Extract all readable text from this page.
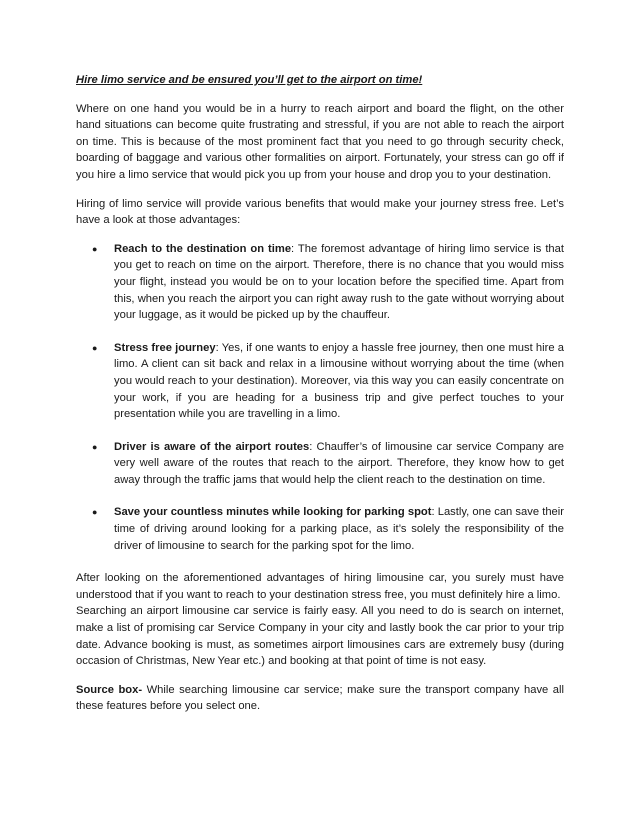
Hire limo service and be ensured you’ll get to the airport on time!

Where on one hand you would be in a hurry to reach airport and board the flight, on the other hand situations can become quite frustrating and stressful, if you are not able to reach the airport on time. This is because of the most prominent fact that you need to go through security check, boarding of baggage and various other formalities on airport. Fortunately, your stress can go off if you hire a limo service that would pick you up from your house and drop you to your destination.

Hiring of limo service will provide various benefits that would make your journey stress free. Let’s have a look at those advantages:

● Reach to the destination on time: The foremost advantage of hiring limo service is that you get to reach on time on the airport. Therefore, there is no chance that you would miss your flight, instead you would be on to your location before the specified time. Apart from this, when you reach the airport you can right away rush to the gate without worrying about your luggage, as it would be picked up by the chauffeur.
● Stress free journey: Yes, if one wants to enjoy a hassle free journey, then one must hire a limo. A client can sit back and relax in a limousine without worrying about the time (when you would reach to your destination). Moreover, via this way you can easily concentrate on your work, if you are heading for a business trip and give perfect touches to your presentation while you are travelling in a limo.
● Driver is aware of the airport routes: Chauffer’s of limousine car service Company are very well aware of the routes that reach to the airport. Therefore, they know how to get away through the traffic jams that would help the client reach to the destination on time.
● Save your countless minutes while looking for parking spot: Lastly, one can save their time of driving around looking for a parking place, as it’s solely the responsibility of the driver of limousine to search for the parking spot for the limo.

After looking on the aforementioned advantages of hiring limousine car, you surely must have understood that if you want to reach to your destination stress free, you must definitely hire a limo.

Searching an airport limousine car service is fairly easy. All you need to do is search on internet, make a list of promising car Service Company in your city and lastly book the car prior to your trip date. Advance booking is must, as sometimes airport limousines cars are extremely busy (during occasion of Christmas, New Year etc.) and booking at that point of time is not easy.

Source box- While searching limousine car service; make sure the transport company have all these features before you select one.
